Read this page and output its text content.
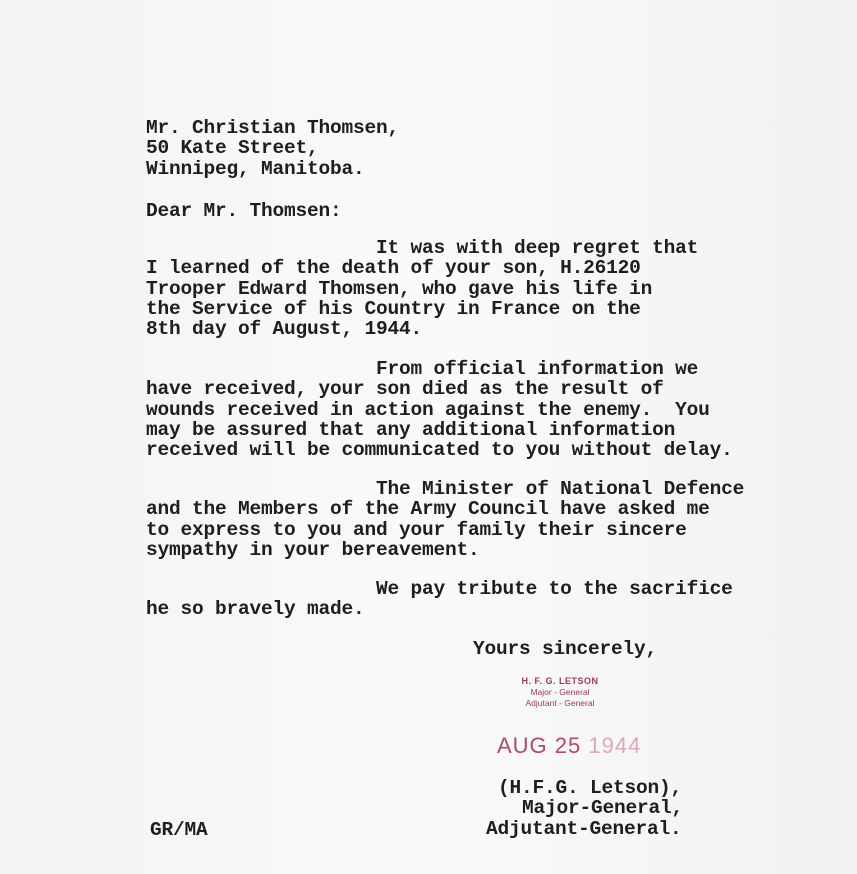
Mr. Christian Thomsen,
50 Kate Street,
Winnipeg, Manitoba.
Dear Mr. Thomsen:
It was with deep regret that
I learned of the death of your son, H.26120
Trooper Edward Thomsen, who gave his life in
the Service of his Country in France on the
8th day of August, 1944.
From official information we
have received, your son died as the result of
wounds received in action against the enemy.  You
may be assured that any additional information
received will be communicated to you without delay.
The Minister of National Defence
and the Members of the Army Council have asked me
to express to you and your family their sincere
sympathy in your bereavement.
We pay tribute to the sacrifice
he so bravely made.
Yours sincerely,
H. F. G. LETSON
Major - General
Adjutant - General
AUG 25 1944
(H.F.G. Letson),
Major-General,
Adjutant-General.
GR/MA
